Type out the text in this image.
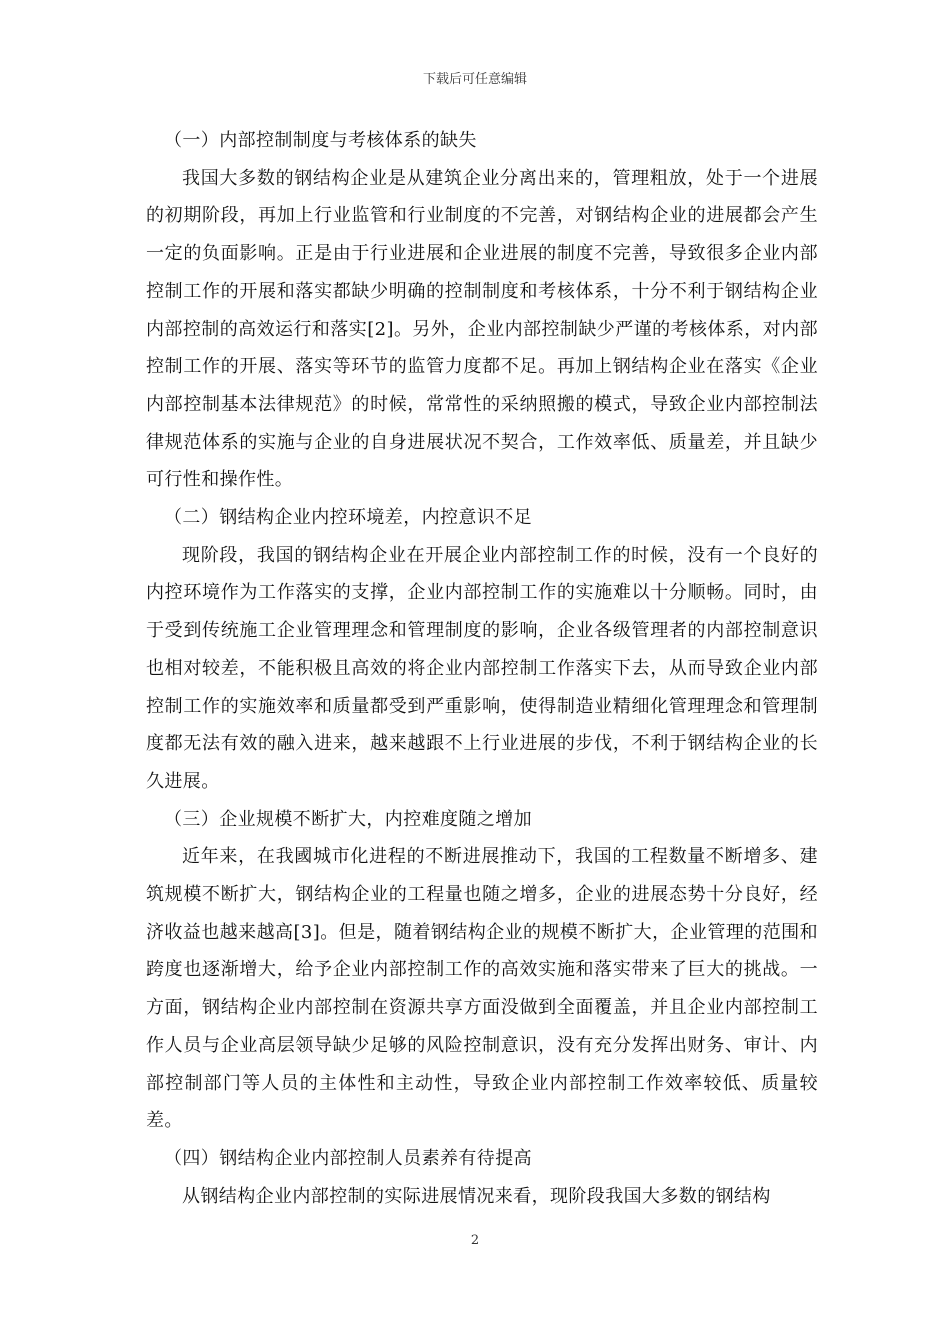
下载后可任意编辑

（一）内部控制制度与考核体系的缺失

我国大多数的钢结构企业是从建筑企业分离出来的，管理粗放，处于一个进展的初期阶段，再加上行业监管和行业制度的不完善，对钢结构企业的进展都会产生一定的负面影响。正是由于行业进展和企业进展的制度不完善，导致很多企业内部控制工作的开展和落实都缺少明确的控制制度和考核体系，十分不利于钢结构企业内部控制的高效运行和落实[2]。另外，企业内部控制缺少严谨的考核体系，对内部控制工作的开展、落实等环节的监管力度都不足。再加上钢结构企业在落实《企业内部控制基本法律规范》的时候，常常性的采纳照搬的模式，导致企业内部控制法律规范体系的实施与企业的自身进展状况不契合，工作效率低、质量差，并且缺少可行性和操作性。

（二）钢结构企业内控环境差，内控意识不足

现阶段，我国的钢结构企业在开展企业内部控制工作的时候，没有一个良好的内控环境作为工作落实的支撑，企业内部控制工作的实施难以十分顺畅。同时，由于受到传统施工企业管理理念和管理制度的影响，企业各级管理者的内部控制意识也相对较差，不能积极且高效的将企业内部控制工作落实下去，从而导致企业内部控制工作的实施效率和质量都受到严重影响，使得制造业精细化管理理念和管理制度都无法有效的融入进来，越来越跟不上行业进展的步伐，不利于钢结构企业的长久进展。

（三）企业规模不断扩大，内控难度随之增加

近年来，在我國城市化进程的不断进展推动下，我国的工程数量不断增多、建筑规模不断扩大，钢结构企业的工程量也随之增多，企业的进展态势十分良好，经济收益也越来越高[3]。但是，随着钢结构企业的规模不断扩大，企业管理的范围和跨度也逐渐增大，给予企业内部控制工作的高效实施和落实带来了巨大的挑战。一方面，钢结构企业内部控制在资源共享方面没做到全面覆盖，并且企业内部控制工作人员与企业高层领导缺少足够的风险控制意识，没有充分发挥出财务、审计、内部控制部门等人员的主体性和主动性，导致企业内部控制工作效率较低、质量较差。

（四）钢结构企业内部控制人员素养有待提高

从钢结构企业内部控制的实际进展情况来看，现阶段我国大多数的钢结构

2
